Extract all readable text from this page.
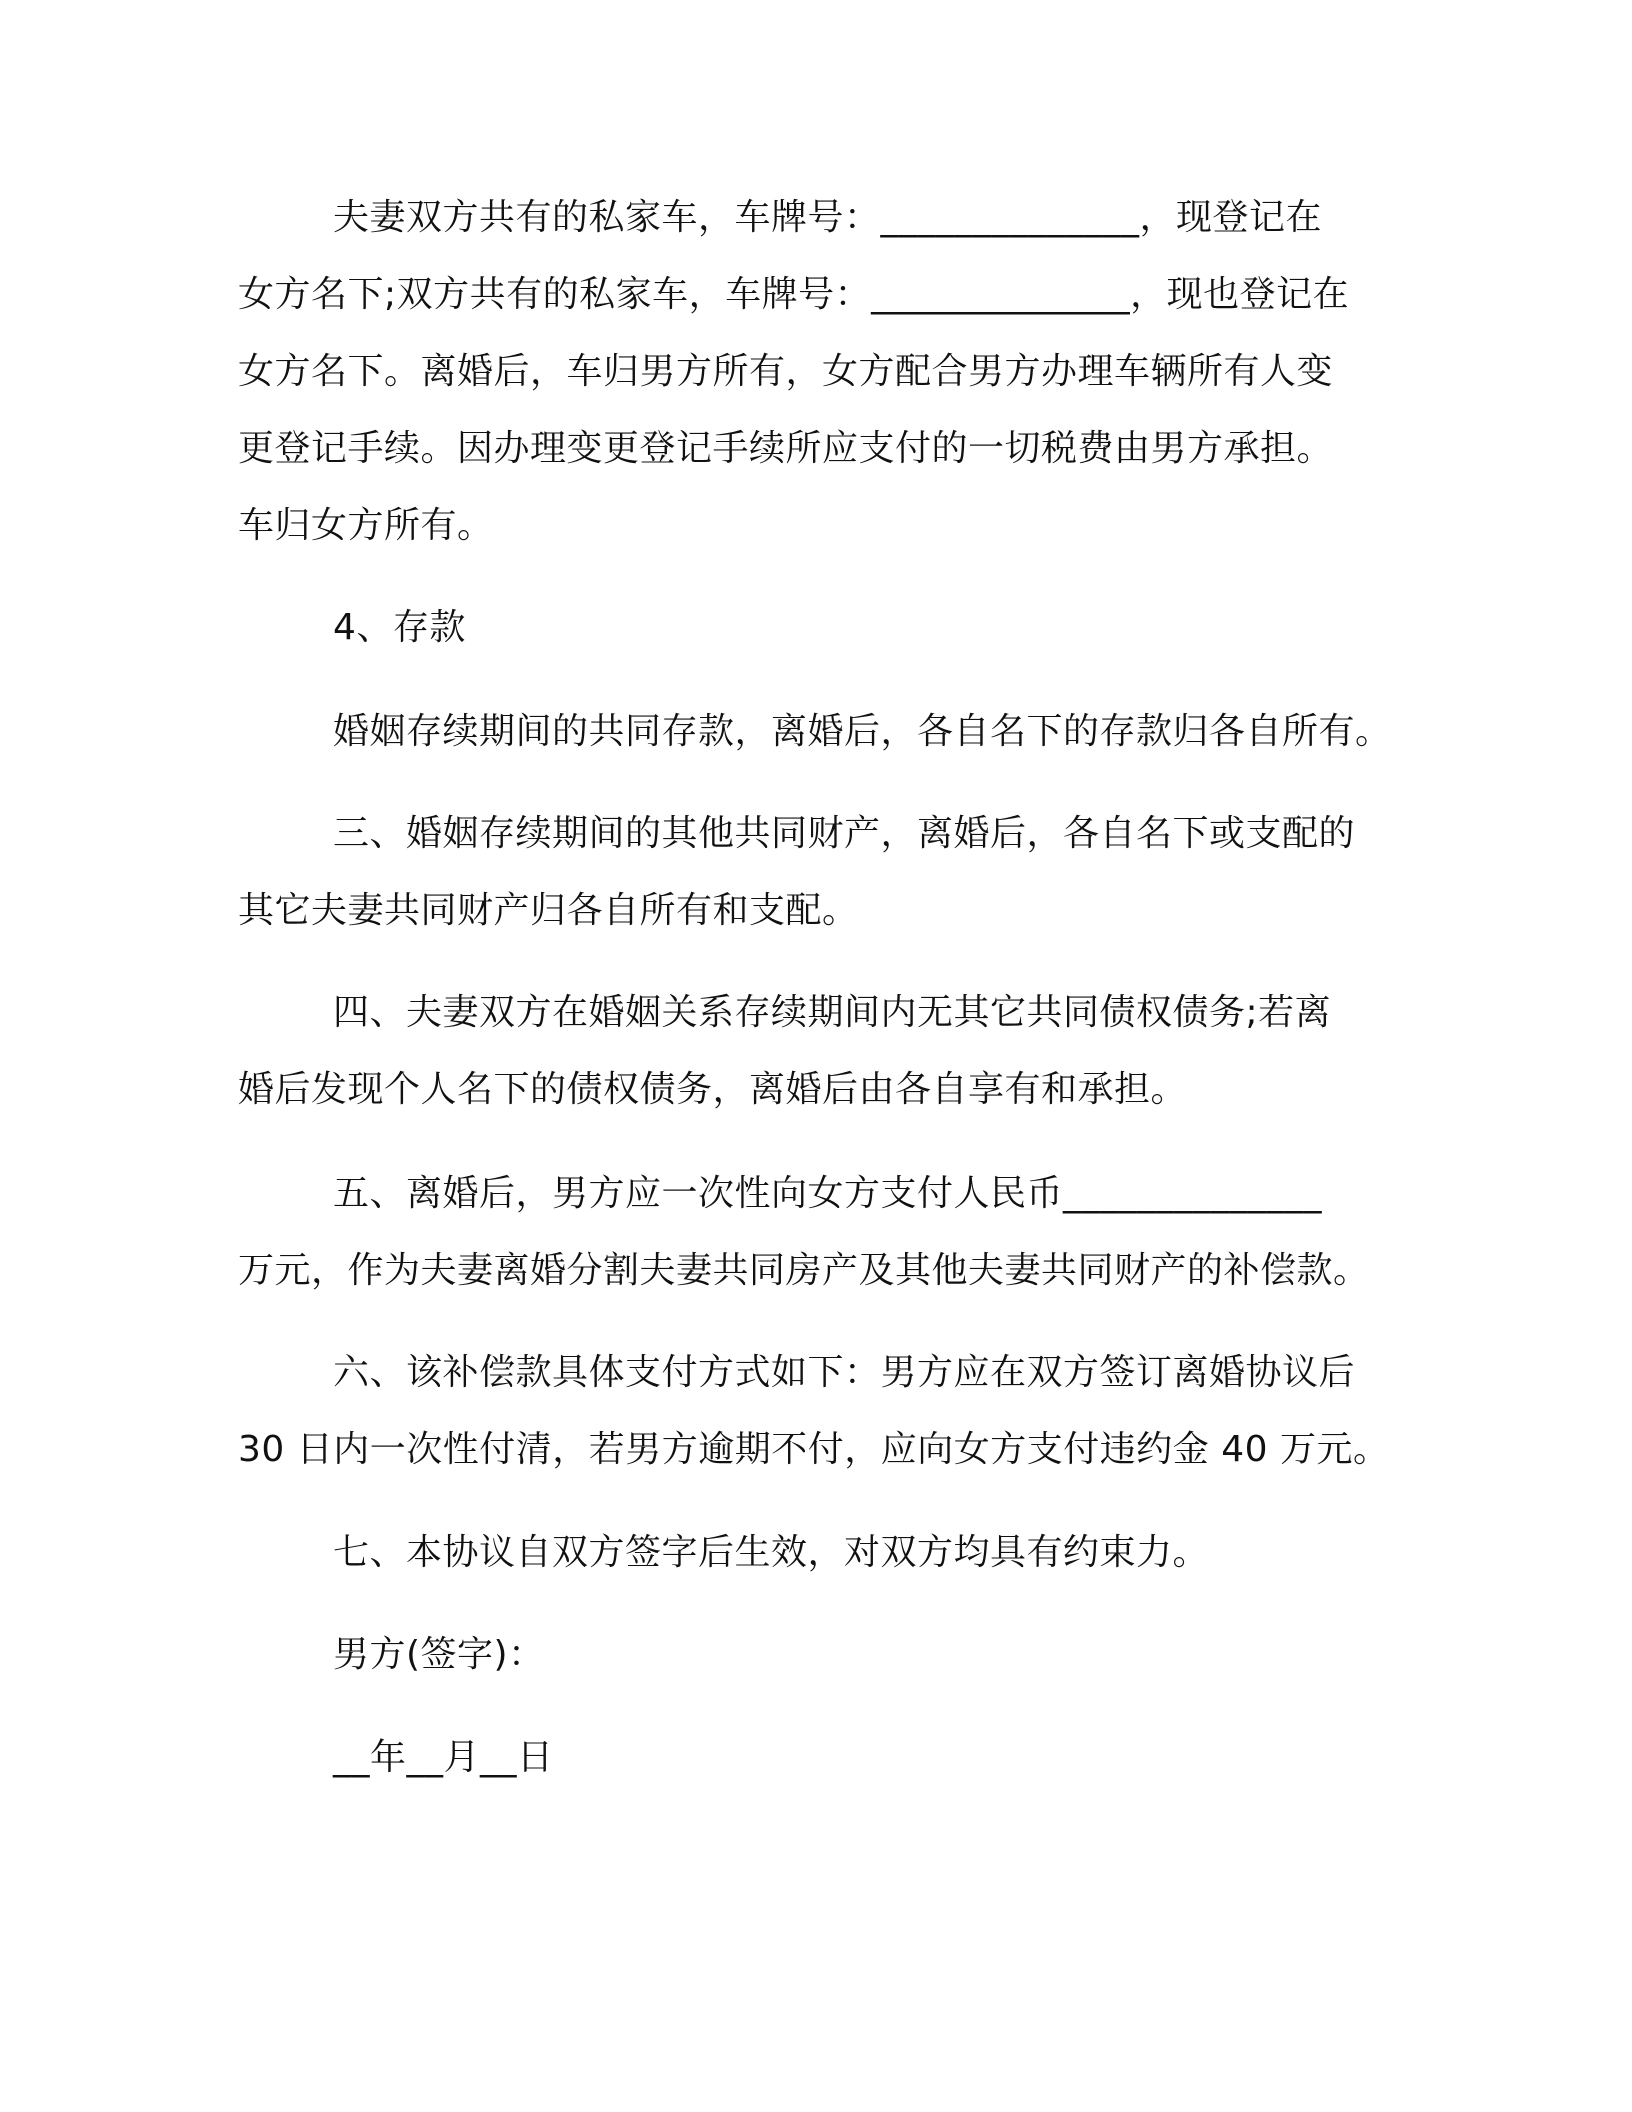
夫妻双方共有的私家车，车牌号：______________，现登记在
女方名下;双方共有的私家车，车牌号：______________，现也登记在
女方名下。离婚后，车归男方所有，女方配合男方办理车辆所有人变
更登记手续。因办理变更登记手续所应支付的一切税费由男方承担。
车归女方所有。
4、存款
婚姻存续期间的共同存款，离婚后，各自名下的存款归各自所有。
三、婚姻存续期间的其他共同财产，离婚后，各自名下或支配的
其它夫妻共同财产归各自所有和支配。
四、夫妻双方在婚姻关系存续期间内无其它共同债权债务;若离
婚后发现个人名下的债权债务，离婚后由各自享有和承担。
五、离婚后，男方应一次性向女方支付人民币______________
万元，作为夫妻离婚分割夫妻共同房产及其他夫妻共同财产的补偿款。
六、该补偿款具体支付方式如下：男方应在双方签订离婚协议后
30 日内一次性付清，若男方逾期不付，应向女方支付违约金 40 万元。
七、本协议自双方签字后生效，对双方均具有约束力。
男方(签字)：
__年__月__日
